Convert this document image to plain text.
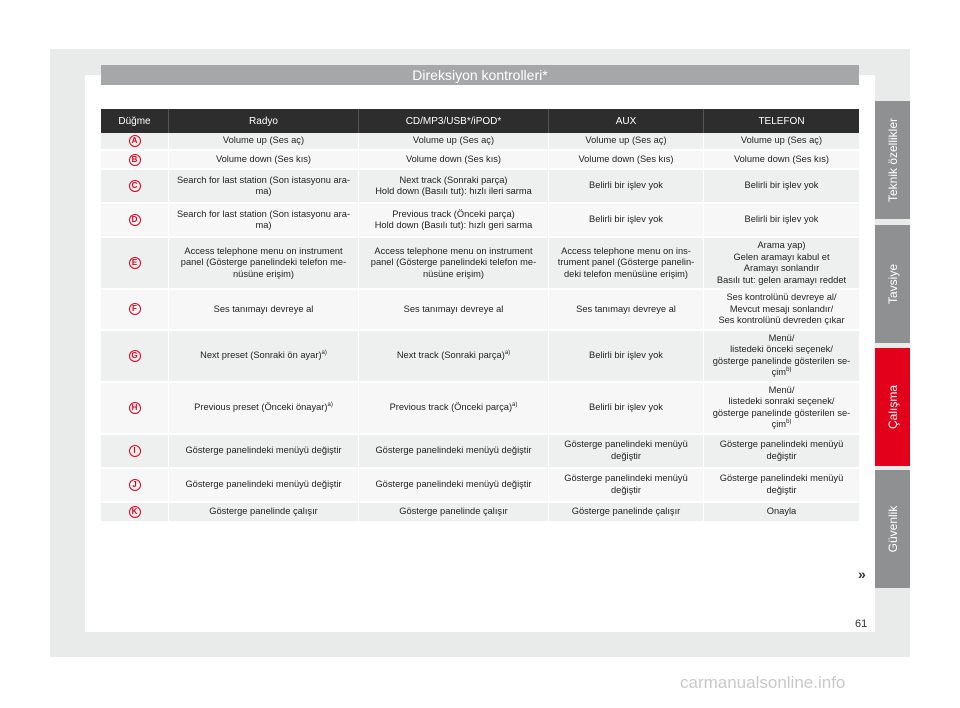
Direksiyon kontrolleri*
Düğme	Radyo	CD/MP3/USB*/iPOD*	AUX	TELEFON
A	Volume up (Ses aç)	Volume up (Ses aç)	Volume up (Ses aç)	Volume up (Ses aç)
B	Volume down (Ses kıs)	Volume down (Ses kıs)	Volume down (Ses kıs)	Volume down (Ses kıs)
C	Search for last station (Son istasyonu ara-
ma)	Next track (Sonraki parça)
Hold down (Basılı tut): hızlı ileri sarma	Belirli bir işlev yok	Belirli bir işlev yok
D	Search for last station (Son istasyonu ara-
ma)	Previous track (Önceki parça)
Hold down (Basılı tut): hızlı geri sarma	Belirli bir işlev yok	Belirli bir işlev yok
E	Access telephone menu on instrument
panel (Gösterge panelindeki telefon me-
nüsüne erişim)	Access telephone menu on instrument
panel (Gösterge panelindeki telefon me-
nüsüne erişim)	Access telephone menu on ins-
trument panel (Gösterge panelin-
deki telefon menüsüne erişim)	Arama yap)
Gelen aramayı kabul et
Aramayı sonlandır
Basılı tut: gelen aramayı reddet
F	Ses tanımayı devreye al	Ses tanımayı devreye al	Ses tanımayı devreye al	Ses kontrolünü devreye al/
Mevcut mesajı sonlandır/
Ses kontrolünü devreden çıkar
G	Next preset (Sonraki ön ayar)$^{a)}$	Next track (Sonraki parça)$^{a)}$	Belirli bir işlev yok	Menü/
listedeki önceki seçenek/
gösterge panelinde gösterilen se-
çim$^{b)}$
H	Previous preset (Önceki önayar)$^{a)}$	Previous track (Önceki parça)$^{a)}$	Belirli bir işlev yok	Menü/
listedeki sonraki seçenek/
gösterge panelinde gösterilen se-
çim$^{b)}$
I	Gösterge panelindeki menüyü değiştir	Gösterge panelindeki menüyü değiştir	Gösterge panelindeki menüyü
değiştir	Gösterge panelindeki menüyü
değiştir
J	Gösterge panelindeki menüyü değiştir	Gösterge panelindeki menüyü değiştir	Gösterge panelindeki menüyü
değiştir	Gösterge panelindeki menüyü
değiştir
K	Gösterge panelinde çalışır	Gösterge panelinde çalışır	Gösterge panelinde çalışır	Onayla
Teknik özellikler
Tavsiye
Çalışma
Güvenlik
»
61
carmanualsonline.info
